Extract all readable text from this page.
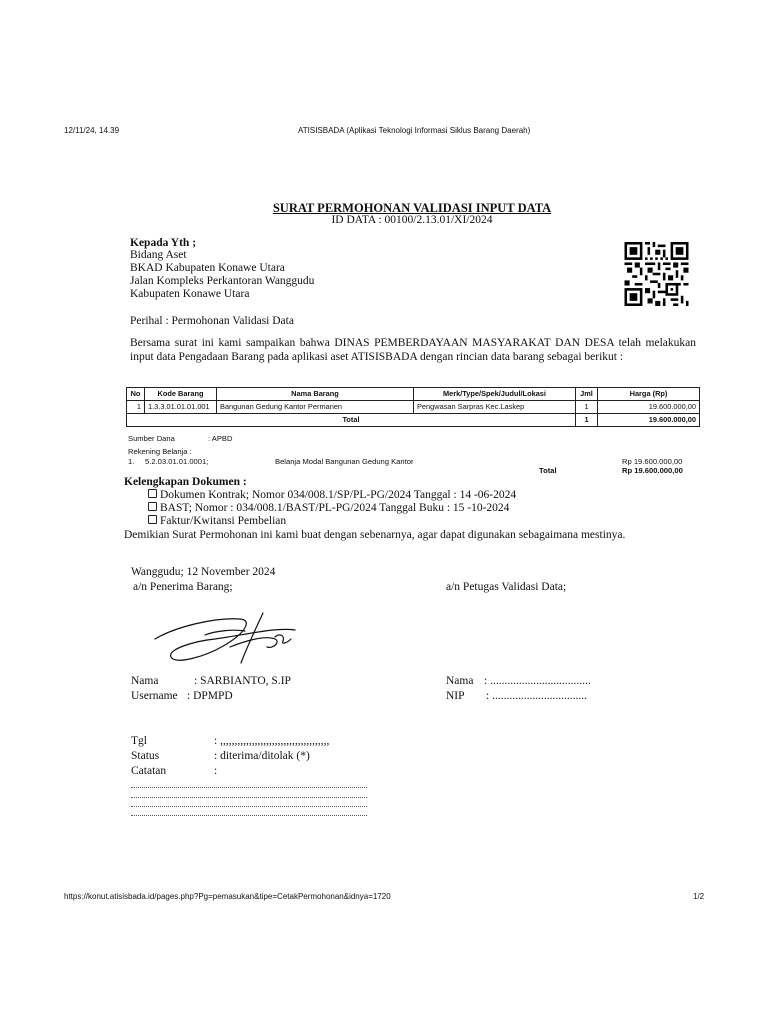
12/11/24, 14.39	ATISISBADA (Aplikasi Teknologi Informasi Siklus Barang Daerah)
https://konut.atisisbada.id/pages.php?Pg=pemasukan&tipe=CetakPermohonan&idnya=1720	1/2
SURAT PERMOHONAN VALIDASI INPUT DATA
ID DATA : 00100/2.13.01/XI/2024
Kepada Yth ;
Bidang Aset
BKAD Kabupaten Konawe Utara
Jalan Kompleks Perkantoran Wanggudu
Kabupaten Konawe Utara
Perihal : Permohonan Validasi Data
Bersama surat ini kami sampaikan bahwa DINAS PEMBERDAYAAN MASYARAKAT DAN DESA telah melakukan input data Pengadaan Barang pada aplikasi aset ATISISBADA dengan rincian data barang sebagai berikut :
No	Kode Barang	Nama Barang	Merk/Type/Spek/Judul/Lokasi	Jml	Harga (Rp)
1	1.3.3.01.01.01.001	Bangunan Gedung Kantor Permanen	Pengwasan Sarpras Kec.Laskep	1	19.600.000,00
Total				1	19.600.000,00
Sumber Dana	: APBD
Rekening Belanja :
1. 5.2.03.01.01.0001;	Belanja Modal Bangunan Gedung Kantor	Rp 19.600.000,00
Total	Rp 19.600.000,00
Kelengkapan Dokumen :
Dokumen Kontrak; Nomor 034/008.1/SP/PL-PG/2024 Tanggal : 14 -06-2024
BAST; Nomor : 034/008.1/BAST/PL-PG/2024 Tanggal Buku : 15 -10-2024
Faktur/Kwitansi Pembelian
Demikian Surat Permohonan ini kami buat dengan sebenarnya, agar dapat digunakan sebagaimana mestinya.
Wanggudu; 12 November 2024
a/n Penerima Barang;	a/n Petugas Validasi Data;
Nama	: SARBIANTO, S.IP
Username : DPMPD
Nama : ...................................
NIP : .................................
Tgl	: ,,,,,,,,,,,,,,,,,,,,,,,,,,,,,,,,,,,,,,
Status	: diterima/ditolak (*)
Catatan	:
